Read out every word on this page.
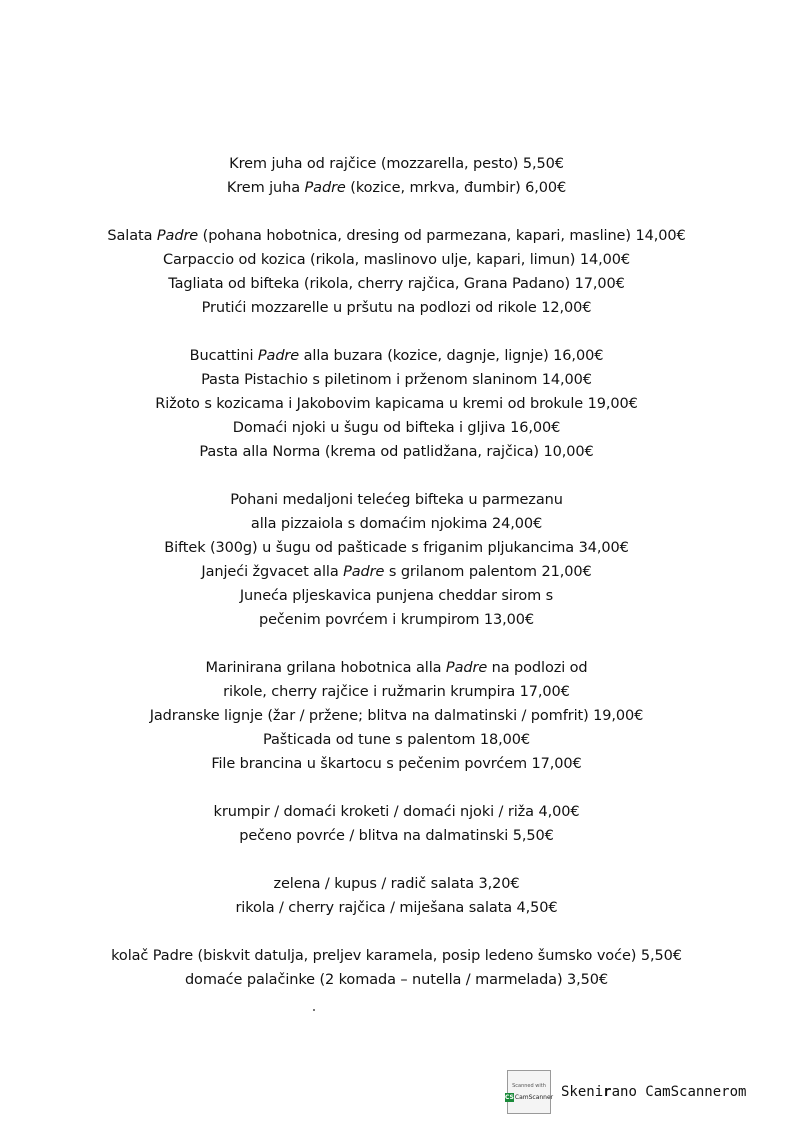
Krem juha od rajčice (mozzarella, pesto) 5,50€
Krem juha Padre (kozice, mrkva, đumbir) 6,00€
Salata Padre (pohana hobotnica, dresing od parmezana, kapari, masline) 14,00€
Carpaccio od kozica (rikola, maslinovo ulje, kapari, limun) 14,00€
Tagliata od bifteka (rikola, cherry rajčica, Grana Padano) 17,00€
Prutići mozzarelle u pršutu na podlozi od rikole 12,00€
Bucattini Padre alla buzara (kozice, dagnje, lignje) 16,00€
Pasta Pistachio s piletinom i prženom slaninom 14,00€
Rižoto s kozicama i Jakobovim kapicama u kremi od brokule 19,00€
Domaći njoki u šugu od bifteka i gljiva 16,00€
Pasta alla Norma (krema od patlidžana, rajčica) 10,00€
Pohani medaljoni telećeg bifteka u parmezanu
alla pizzaiola s domaćim njokima 24,00€
Biftek (300g) u šugu od pašticade s friganim pljukancima 34,00€
Janjeći žgvacet alla Padre s grilanom palentom 21,00€
Juneća pljeskavica punjena cheddar sirom s
pečenim povrćem i krumpirom 13,00€
Marinirana grilana hobotnica alla Padre na podlozi od
rikole, cherry rajčice i ružmarin krumpira 17,00€
Jadranske lignje (žar / pržene; blitva na dalmatinski / pomfrit) 19,00€
Pašticada od tune s palentom 18,00€
File brancina u škartocu s pečenim povrćem 17,00€
krumpir / domaći kroketi / domaći njoki / riža 4,00€
pečeno povrće / blitva na dalmatinski 5,50€
zelena / kupus / radič salata 3,20€
rikola / cherry rajčica / miješana salata 4,50€
kolač Padre (biskvit datulja, preljev karamela, posip ledeno šumsko voće) 5,50€
domaće palačinke (2 komada – nutella / marmelada) 3,50€
Scanned with
CS CamScanner Skenirano CamScannerom
